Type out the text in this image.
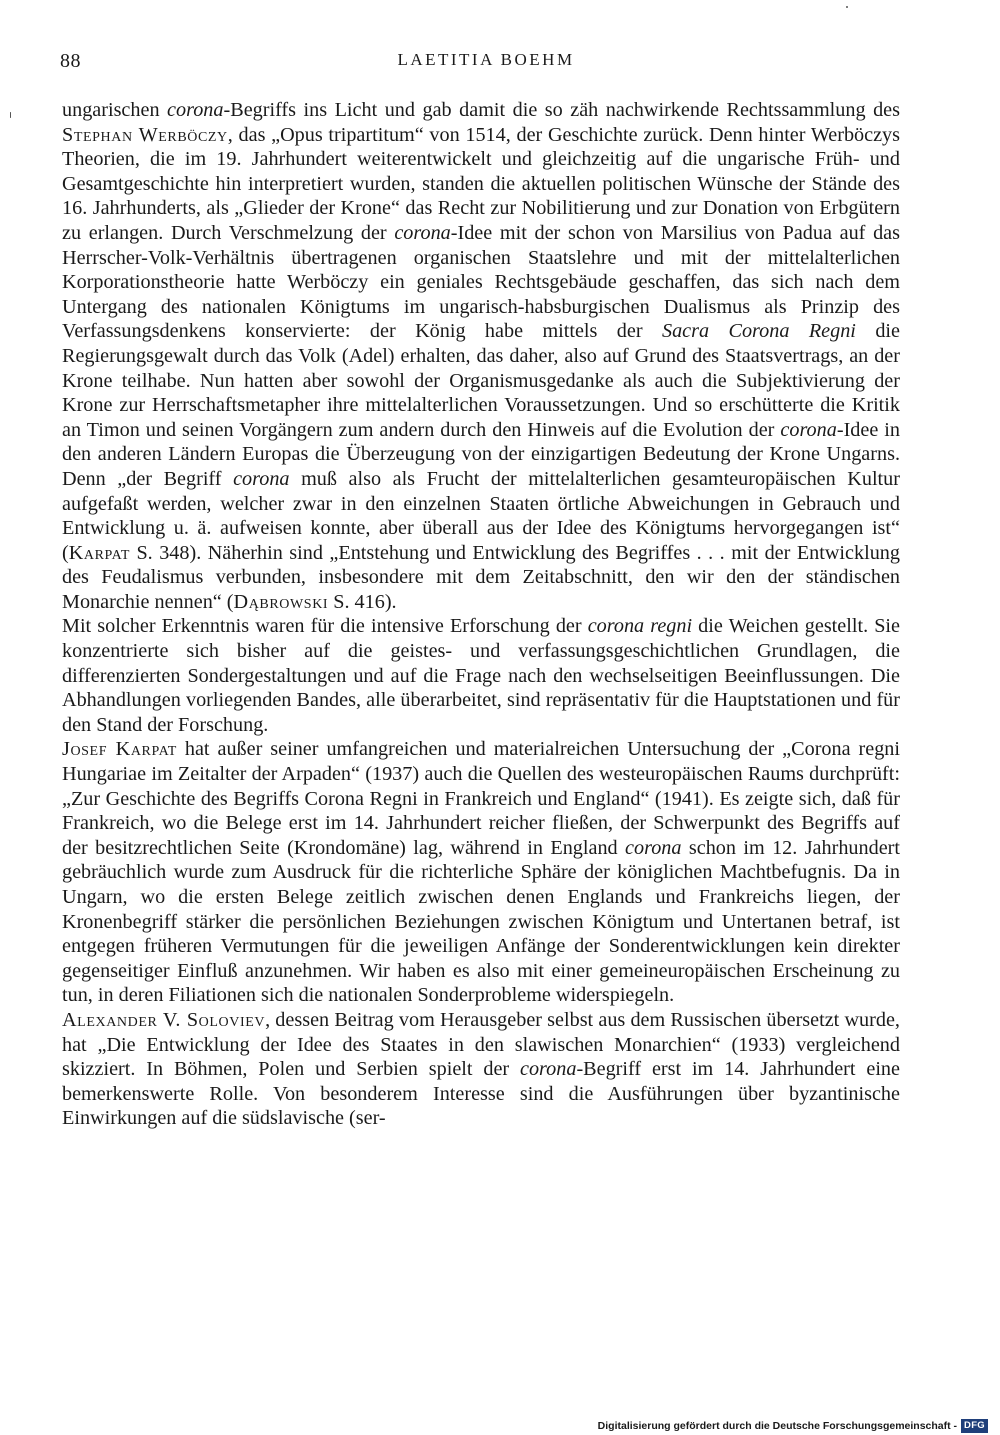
88	LAETITIA BOEHM

ungarischen corona-Begriffs ins Licht und gab damit die so zäh nachwirkende Rechtssammlung des Stephan Werböczy, das „Opus tripartitum“ von 1514, der Geschichte zurück. Denn hinter Werböczys Theorien, die im 19. Jahrhundert weiterentwickelt und gleichzeitig auf die ungarische Früh- und Gesamtgeschichte hin interpretiert wurden, standen die aktuellen politischen Wünsche der Stände des 16. Jahrhunderts, als „Glieder der Krone“ das Recht zur Nobilitierung und zur Donation von Erbgütern zu erlangen. Durch Verschmelzung der corona-Idee mit der schon von Marsilius von Padua auf das Herrscher-Volk-Verhältnis übertragenen organischen Staatslehre und mit der mittelalterlichen Korporationstheorie hatte Werböczy ein geniales Rechtsgebäude geschaffen, das sich nach dem Untergang des nationalen Königtums im ungarisch-habsburgischen Dualismus als Prinzip des Verfassungsdenkens konservierte: der König habe mittels der Sacra Corona Regni die Regierungsgewalt durch das Volk (Adel) erhalten, das daher, also auf Grund des Staatsvertrags, an der Krone teilhabe. Nun hatten aber sowohl der Organismusgedanke als auch die Subjektivierung der Krone zur Herrschaftsmetapher ihre mittelalterlichen Voraussetzungen. Und so erschütterte die Kritik an Timon und seinen Vorgängern zum andern durch den Hinweis auf die Evolution der corona-Idee in den anderen Ländern Europas die Überzeugung von der einzigartigen Bedeutung der Krone Ungarns. Denn „der Begriff corona muß also als Frucht der mittelalterlichen gesamteuropäischen Kultur aufgefaßt werden, welcher zwar in den einzelnen Staaten örtliche Abweichungen in Gebrauch und Entwicklung u. ä. aufweisen konnte, aber überall aus der Idee des Königtums hervorgegangen ist“ (Karpat S. 348). Näherhin sind „Entstehung und Entwicklung des Begriffes . . . mit der Entwicklung des Feudalismus verbunden, insbesondere mit dem Zeitabschnitt, den wir den der ständischen Monarchie nennen“ (Dąbrowski S. 416).

Mit solcher Erkenntnis waren für die intensive Erforschung der corona regni die Weichen gestellt. Sie konzentrierte sich bisher auf die geistes- und verfassungsgeschichtlichen Grundlagen, die differenzierten Sondergestaltungen und auf die Frage nach den wechselseitigen Beeinflussungen. Die Abhandlungen vorliegenden Bandes, alle überarbeitet, sind repräsentativ für die Hauptstationen und für den Stand der Forschung.

Josef Karpat hat außer seiner umfangreichen und materialreichen Untersuchung der „Corona regni Hungariae im Zeitalter der Arpaden“ (1937) auch die Quellen des westeuropäischen Raums durchprüft: „Zur Geschichte des Begriffs Corona Regni in Frankreich und England“ (1941). Es zeigte sich, daß für Frankreich, wo die Belege erst im 14. Jahrhundert reicher fließen, der Schwerpunkt des Begriffs auf der besitzrechtlichen Seite (Krondomäne) lag, während in England corona schon im 12. Jahrhundert gebräuchlich wurde zum Ausdruck für die richterliche Sphäre der königlichen Machtbefugnis. Da in Ungarn, wo die ersten Belege zeitlich zwischen denen Englands und Frankreichs liegen, der Kronenbegriff stärker die persönlichen Beziehungen zwischen Königtum und Untertanen betraf, ist entgegen früheren Vermutungen für die jeweiligen Anfänge der Sonderentwicklungen kein direkter gegenseitiger Einfluß anzunehmen. Wir haben es also mit einer gemeineuropäischen Erscheinung zu tun, in deren Filiationen sich die nationalen Sonderprobleme widerspiegeln.

Alexander V. Soloviev, dessen Beitrag vom Herausgeber selbst aus dem Russischen übersetzt wurde, hat „Die Entwicklung der Idee des Staates in den slawischen Monarchien“ (1933) vergleichend skizziert. In Böhmen, Polen und Serbien spielt der corona-Begriff erst im 14. Jahrhundert eine bemerkenswerte Rolle. Von besonderem Interesse sind die Ausführungen über byzantinische Einwirkungen auf die südslavische (ser-

Digitalisierung gefördert durch die Deutsche Forschungsgemeinschaft - DFG
